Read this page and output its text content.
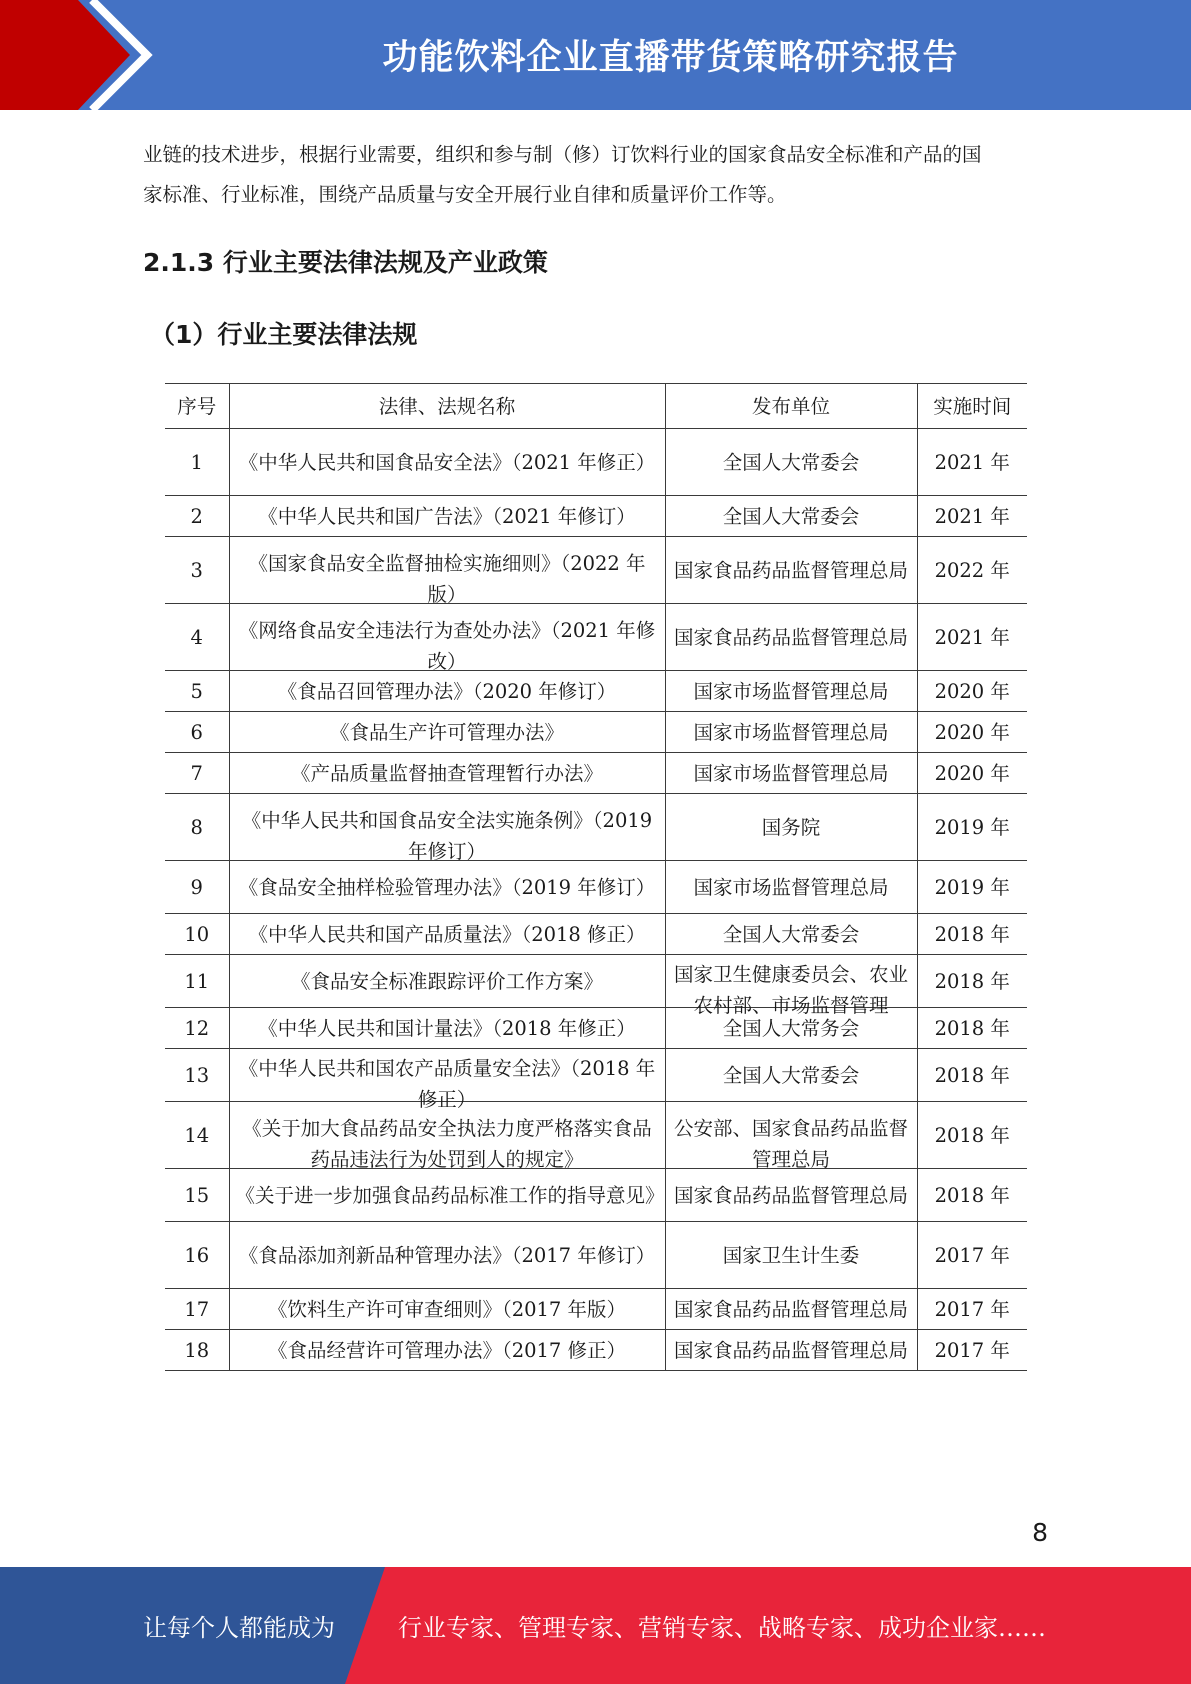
功能饮料企业直播带货策略研究报告

业链的技术进步，根据行业需要，组织和参与制（修）订饮料行业的国家食品安全标准和产品的国

家标准、行业标准，围绕产品质量与安全开展行业自律和质量评价工作等。

2.1.3 行业主要法律法规及产业政策
（1）行业主要法律法规
序号	法律、法规名称	发布单位	实施时间
1	《中华人民共和国食品安全法》（2021 年修正）	全国人大常委会	2021 年
2	《中华人民共和国广告法》（2021 年修订）	全国人大常委会	2021 年
3	《国家食品安全监督抽检实施细则》（2022 年版）	国家食品药品监督管理总局	2022 年
4	《网络食品安全违法行为查处办法》（2021 年修改）	国家食品药品监督管理总局	2021 年
5	《食品召回管理办法》（2020 年修订）	国家市场监督管理总局	2020 年
6	《食品生产许可管理办法》	国家市场监督管理总局	2020 年
7	《产品质量监督抽查管理暂行办法》	国家市场监督管理总局	2020 年
8	《中华人民共和国食品安全法实施条例》（2019 年修订）	国务院	2019 年
9	《食品安全抽样检验管理办法》（2019 年修订）	国家市场监督管理总局	2019 年
10	《中华人民共和国产品质量法》（2018 修正）	全国人大常委会	2018 年
11	《食品安全标准跟踪评价工作方案》	国家卫生健康委员会、农业农村部、市场监督管理	2018 年
12	《中华人民共和国计量法》（2018 年修正）	全国人大常务会	2018 年
13	《中华人民共和国农产品质量安全法》（2018 年修正）	全国人大常委会	2018 年
14	《关于加大食品药品安全执法力度严格落实食品药品违法行为处罚到人的规定》	公安部、国家食品药品监督管理总局	2018 年
15	《关于进一步加强食品药品标准工作的指导意见》	国家食品药品监督管理总局	2018 年
16	《食品添加剂新品种管理办法》（2017 年修订）	国家卫生计生委	2017 年
17	《饮料生产许可审查细则》（2017 年版）	国家食品药品监督管理总局	2017 年
18	《食品经营许可管理办法》（2017 修正）	国家食品药品监督管理总局	2017 年
8
让每个人都能成为	行业专家、管理专家、营销专家、战略专家、成功企业家……
